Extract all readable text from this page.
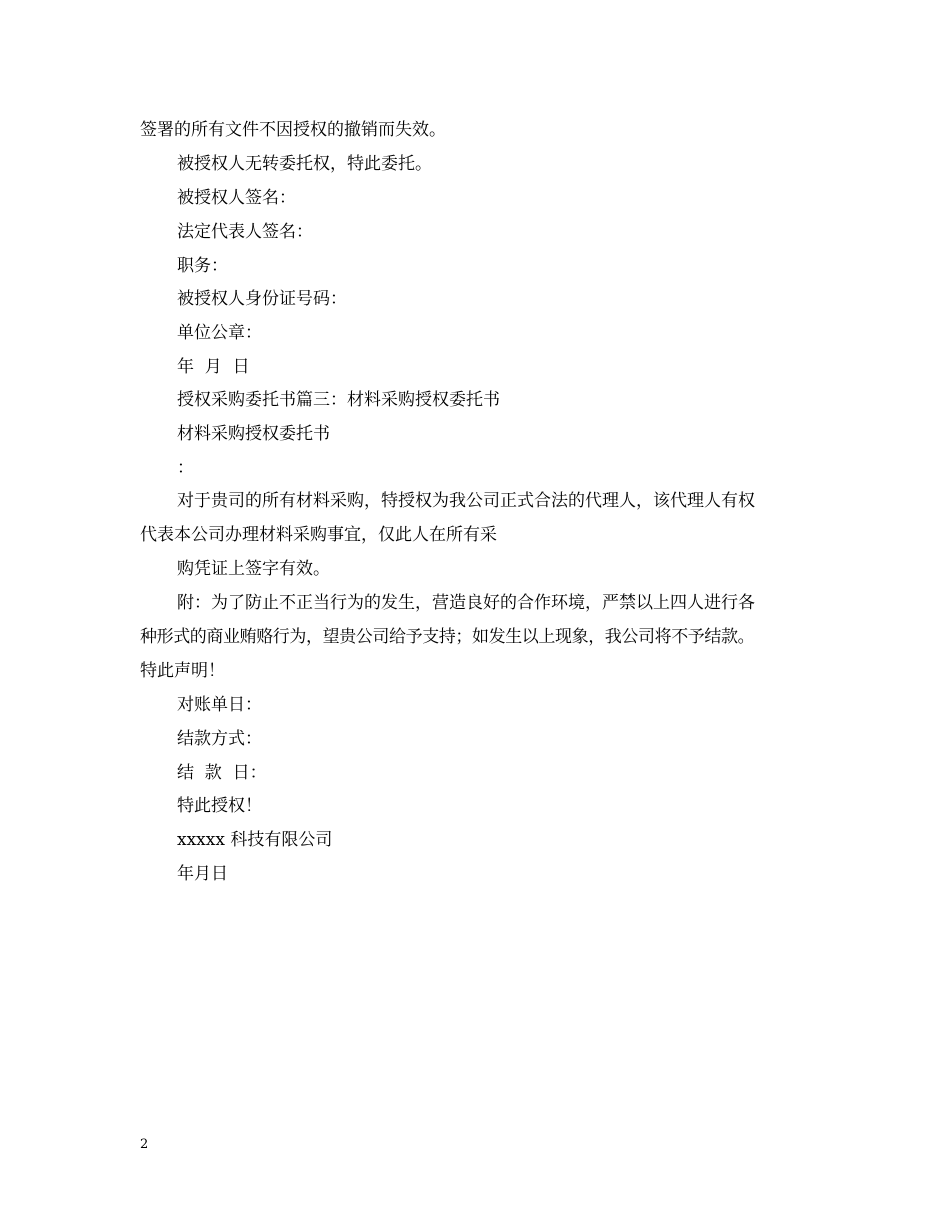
签署的所有文件不因授权的撤销而失效。

被授权人无转委托权，特此委托。

被授权人签名：

法定代表人签名：

职务：

被授权人身份证号码：

单位公章：

年  月  日

授权采购委托书篇三：材料采购授权委托书

材料采购授权委托书

：

对于贵司的所有材料采购，特授权为我公司正式合法的代理人，该代理人有权

代表本公司办理材料采购事宜，仅此人在所有采

购凭证上签字有效。

附：为了防止不正当行为的发生，营造良好的合作环境，严禁以上四人进行各

种形式的商业贿赂行为，望贵公司给予支持；如发生以上现象，我公司将不予结款。

特此声明！

对账单日：

结款方式：

结  款  日：

特此授权！

xxxxx 科技有限公司

年月日

2
